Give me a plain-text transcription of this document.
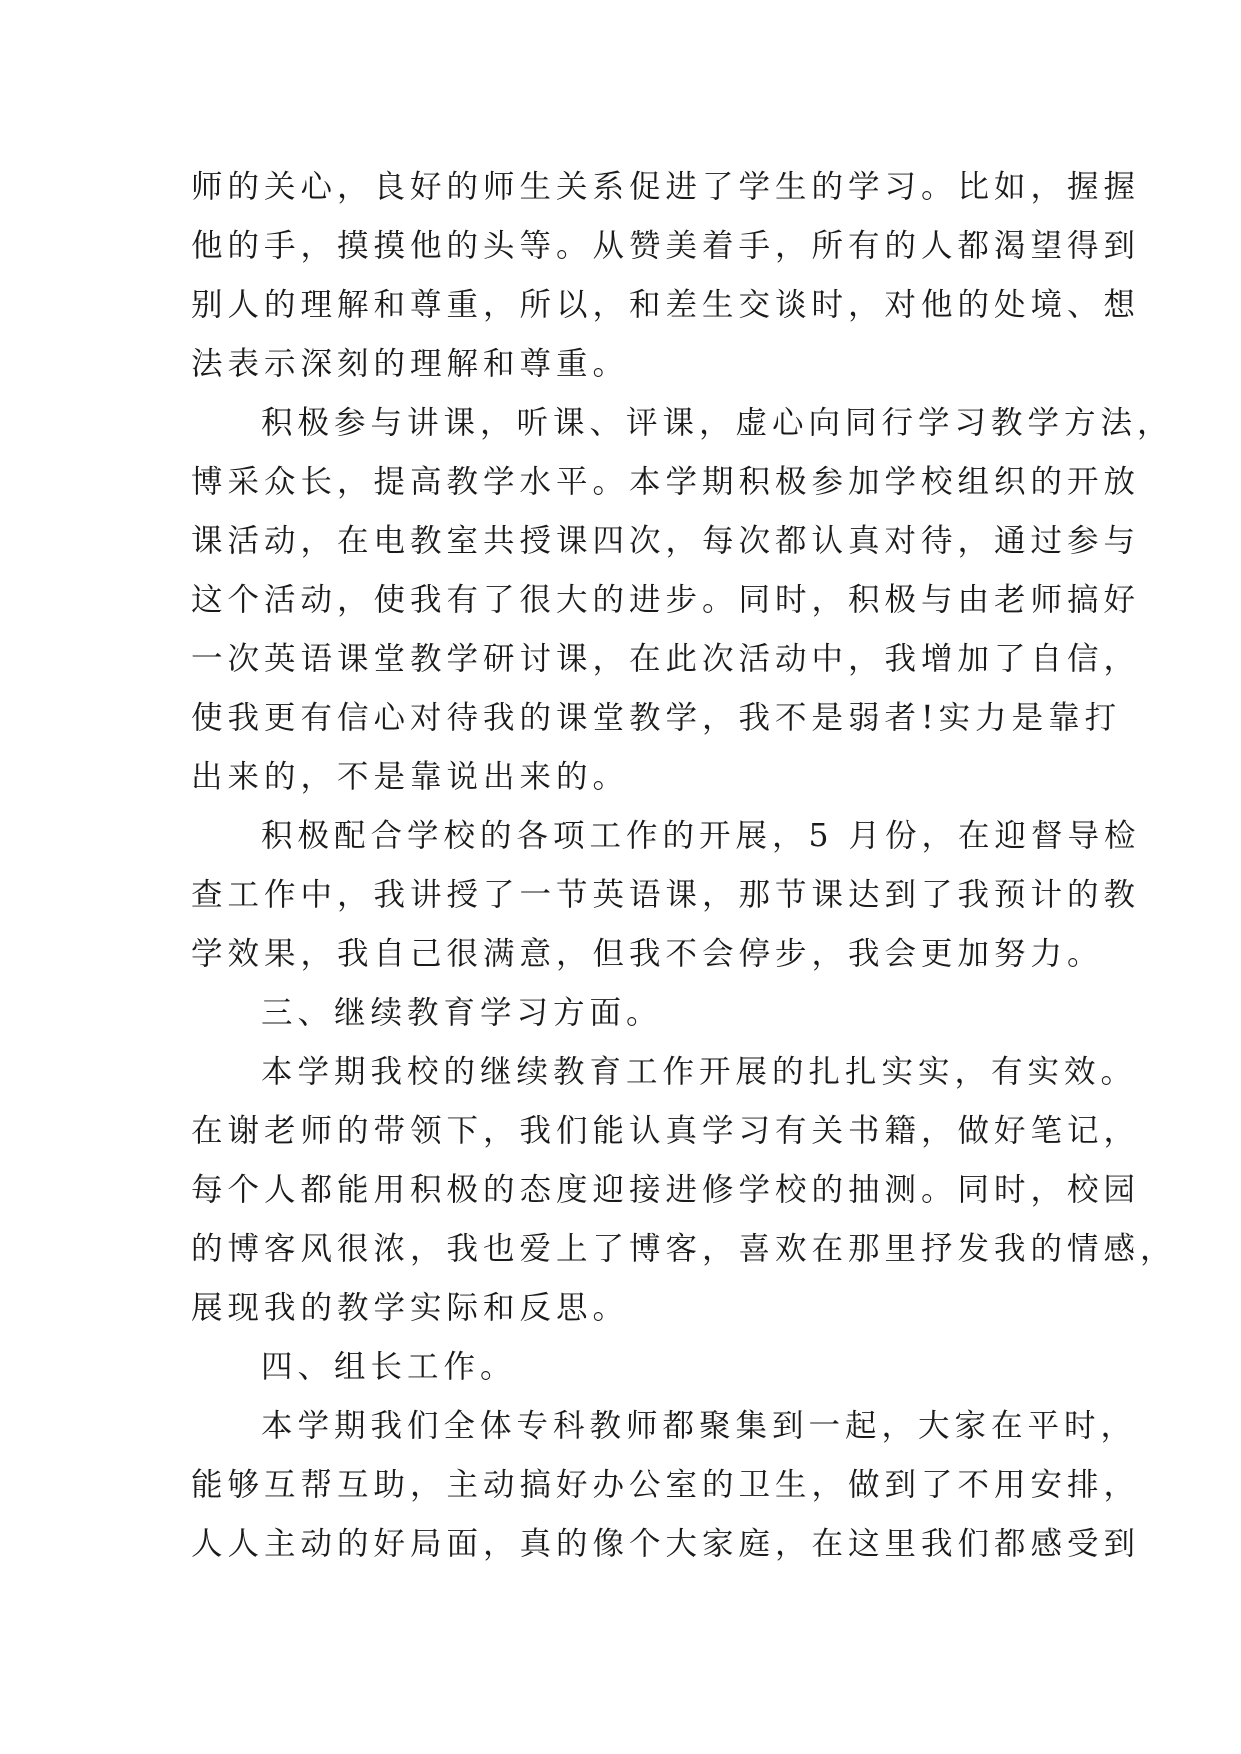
师的关心，良好的师生关系促进了学生的学习。比如，握握
他的手，摸摸他的头等。从赞美着手，所有的人都渴望得到
别人的理解和尊重，所以，和差生交谈时，对他的处境、想
法表示深刻的理解和尊重。
积极参与讲课，听课、评课，虚心向同行学习教学方法，
博采众长，提高教学水平。本学期积极参加学校组织的开放
课活动，在电教室共授课四次，每次都认真对待，通过参与
这个活动，使我有了很大的进步。同时，积极与由老师搞好
一次英语课堂教学研讨课，在此次活动中，我增加了自信，
使我更有信心对待我的课堂教学，我不是弱者!实力是靠打
出来的，不是靠说出来的。
积极配合学校的各项工作的开展，5 月份，在迎督导检
查工作中，我讲授了一节英语课，那节课达到了我预计的教
学效果，我自己很满意，但我不会停步，我会更加努力。
三、继续教育学习方面。
本学期我校的继续教育工作开展的扎扎实实，有实效。
在谢老师的带领下，我们能认真学习有关书籍，做好笔记，
每个人都能用积极的态度迎接进修学校的抽测。同时，校园
的博客风很浓，我也爱上了博客，喜欢在那里抒发我的情感，
展现我的教学实际和反思。
四、组长工作。
本学期我们全体专科教师都聚集到一起，大家在平时，
能够互帮互助，主动搞好办公室的卫生，做到了不用安排，
人人主动的好局面，真的像个大家庭，在这里我们都感受到
